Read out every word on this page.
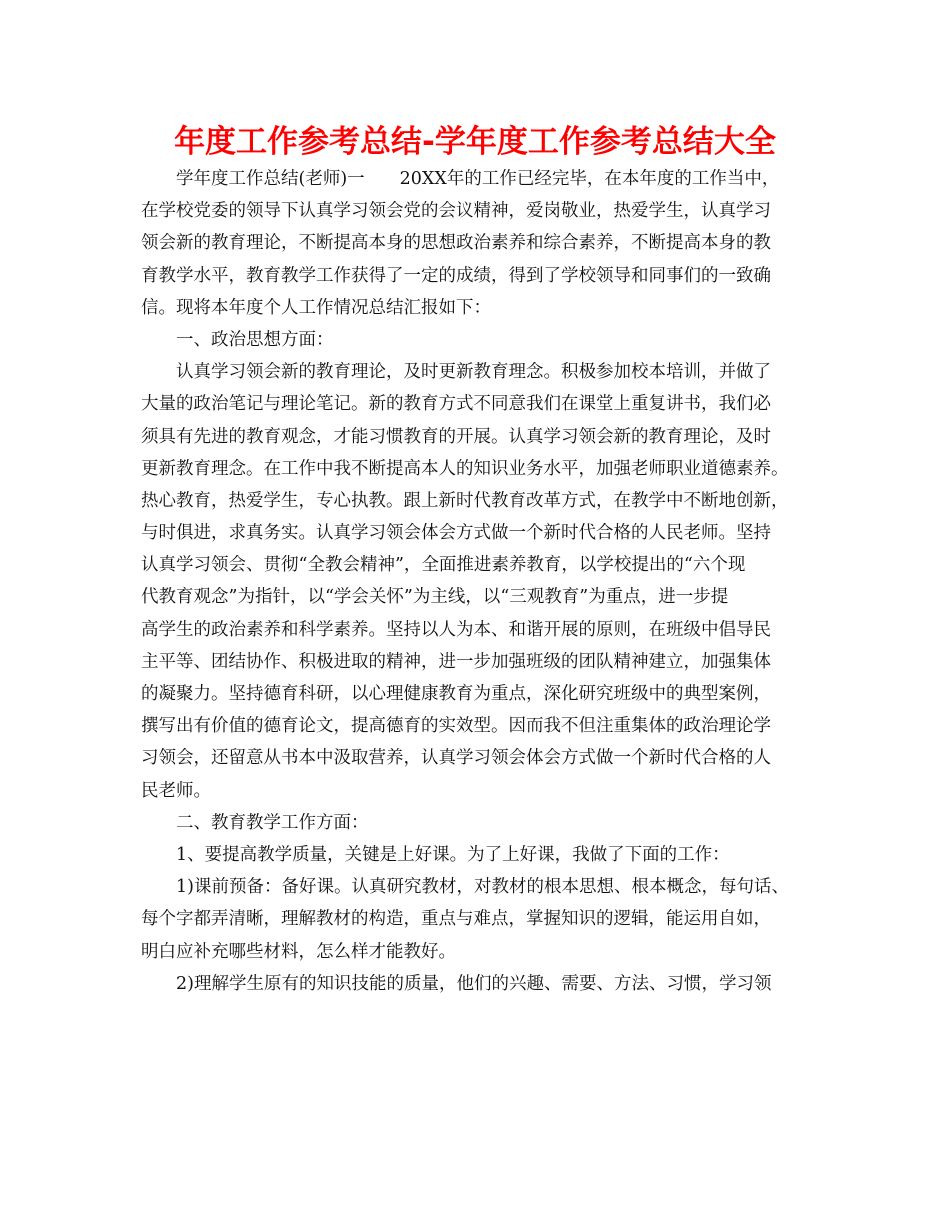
年度工作参考总结-学年度工作参考总结大全
学年度工作总结(老师)一　　20XX年的工作已经完毕，在本年度的工作当中，
在学校党委的领导下认真学习领会党的会议精神，爱岗敬业，热爱学生，认真学习
领会新的教育理论，不断提高本身的思想政治素养和综合素养，不断提高本身的教
育教学水平，教育教学工作获得了一定的成绩，得到了学校领导和同事们的一致确
信。现将本年度个人工作情况总结汇报如下：
一、政治思想方面：
认真学习领会新的教育理论，及时更新教育理念。积极参加校本培训，并做了
大量的政治笔记与理论笔记。新的教育方式不同意我们在课堂上重复讲书，我们必
须具有先进的教育观念，才能习惯教育的开展。认真学习领会新的教育理论，及时
更新教育理念。在工作中我不断提高本人的知识业务水平，加强老师职业道德素养。
热心教育，热爱学生，专心执教。跟上新时代教育改革方式，在教学中不断地创新，
与时俱进，求真务实。认真学习领会体会方式做一个新时代合格的人民老师。坚持
认真学习领会、贯彻“全教会精神”，全面推进素养教育，以学校提出的“六个现
代教育观念”为指针，以“学会关怀”为主线，以“三观教育”为重点，进一步提
高学生的政治素养和科学素养。坚持以人为本、和谐开展的原则，在班级中倡导民
主平等、团结协作、积极进取的精神，进一步加强班级的团队精神建立，加强集体
的凝聚力。坚持德育科研，以心理健康教育为重点，深化研究班级中的典型案例，
撰写出有价值的德育论文，提高德育的实效型。因而我不但注重集体的政治理论学
习领会，还留意从书本中汲取营养，认真学习领会体会方式做一个新时代合格的人
民老师。
二、教育教学工作方面：
1、要提高教学质量，关键是上好课。为了上好课，我做了下面的工作：
1)课前预备：备好课。认真研究教材，对教材的根本思想、根本概念，每句话、
每个字都弄清晰，理解教材的构造，重点与难点，掌握知识的逻辑，能运用自如，
明白应补充哪些材料，怎么样才能教好。
2)理解学生原有的知识技能的质量，他们的兴趣、需要、方法、习惯，学习领
